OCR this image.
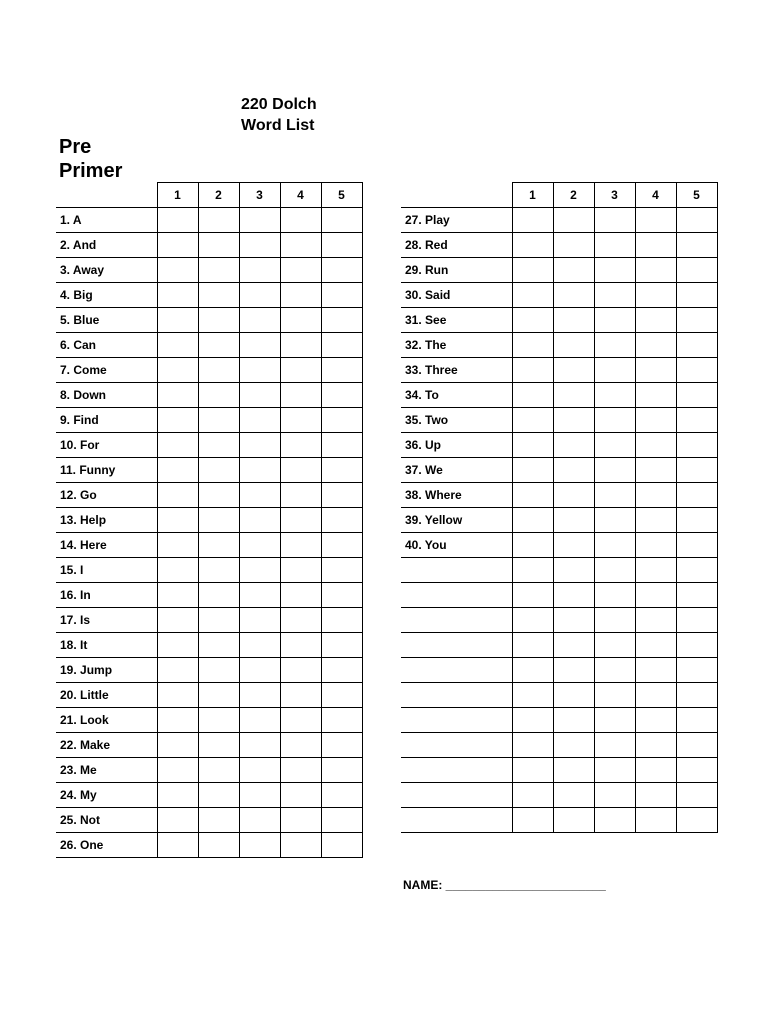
220 Dolch
Word List
Pre
Primer
	1	2	3	4	5
1. A					
2. And					
3. Away					
4. Big					
5. Blue					
6. Can					
7. Come					
8. Down					
9. Find					
10. For					
11. Funny					
12. Go					
13. Help					
14. Here					
15. I					
16. In					
17. Is					
18. It					
19. Jump					
20. Little					
21. Look					
22. Make					
23. Me					
24. My					
25. Not					
26. One					
	1	2	3	4	5
27. Play					
28. Red					
29. Run					
30. Said					
31. See					
32. The					
33. Three					
34. To					
35. Two					
36. Up					
37. We					
38. Where					
39. Yellow					
40. You					

NAME: ________________________
